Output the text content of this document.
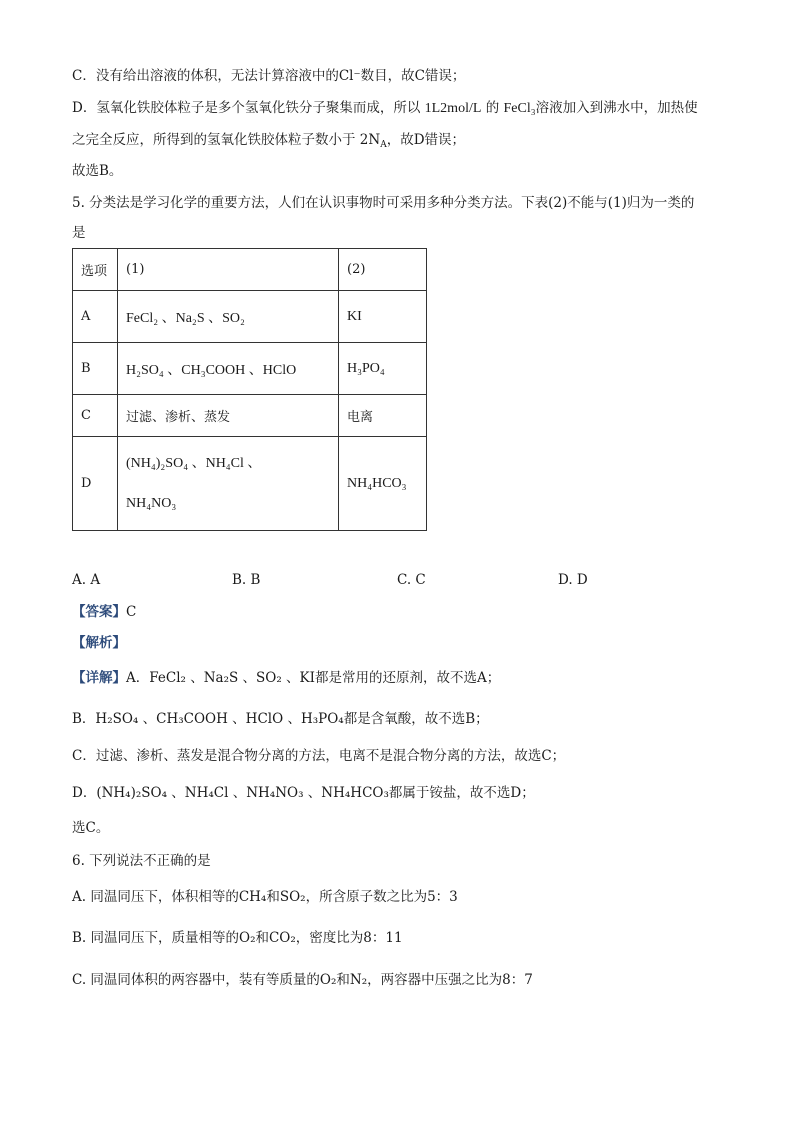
C．没有给出溶液的体积，无法计算溶液中的Cl⁻数目，故C错误；
D．氢氧化铁胶体粒子是多个氢氧化铁分子聚集而成，所以 1L2mol/L 的 FeCl₃溶液加入到沸水中，加热使
之完全反应，所得到的氢氧化铁胶体粒子数小于 $2N_A$，故D错误；
故选B。
5. 分类法是学习化学的重要方法，人们在认识事物时可采用多种分类方法。下表(2)不能与(1)归为一类的
是
选项	(1)	(2)
A	FeCl₂ 、Na₂S 、SO₂	KI
B	H₂SO₄ 、CH₃COOH 、HClO	H₃PO₄
C	过滤、渗析、蒸发	电离
D	(NH₄)₂SO₄ 、NH₄Cl 、
NH₄NO₃	NH₄HCO₃
A. A	B. B	C. C	D. D
【答案】C
【解析】
【详解】A．FeCl₂ 、Na₂S 、SO₂ 、KI都是常用的还原剂，故不选A；
B．H₂SO₄ 、CH₃COOH 、HClO 、H₃PO₄都是含氧酸，故不选B；
C．过滤、渗析、蒸发是混合物分离的方法，电离不是混合物分离的方法，故选C；
D．(NH₄)₂SO₄ 、NH₄Cl 、NH₄NO₃ 、NH₄HCO₃都属于铵盐，故不选D；
选C。
6. 下列说法不正确的是
A. 同温同压下，体积相等的CH₄和SO₂，所含原子数之比为5：3
B. 同温同压下，质量相等的O₂和CO₂，密度比为8：11
C. 同温同体积的两容器中，装有等质量的O₂和N₂，两容器中压强之比为8：7
